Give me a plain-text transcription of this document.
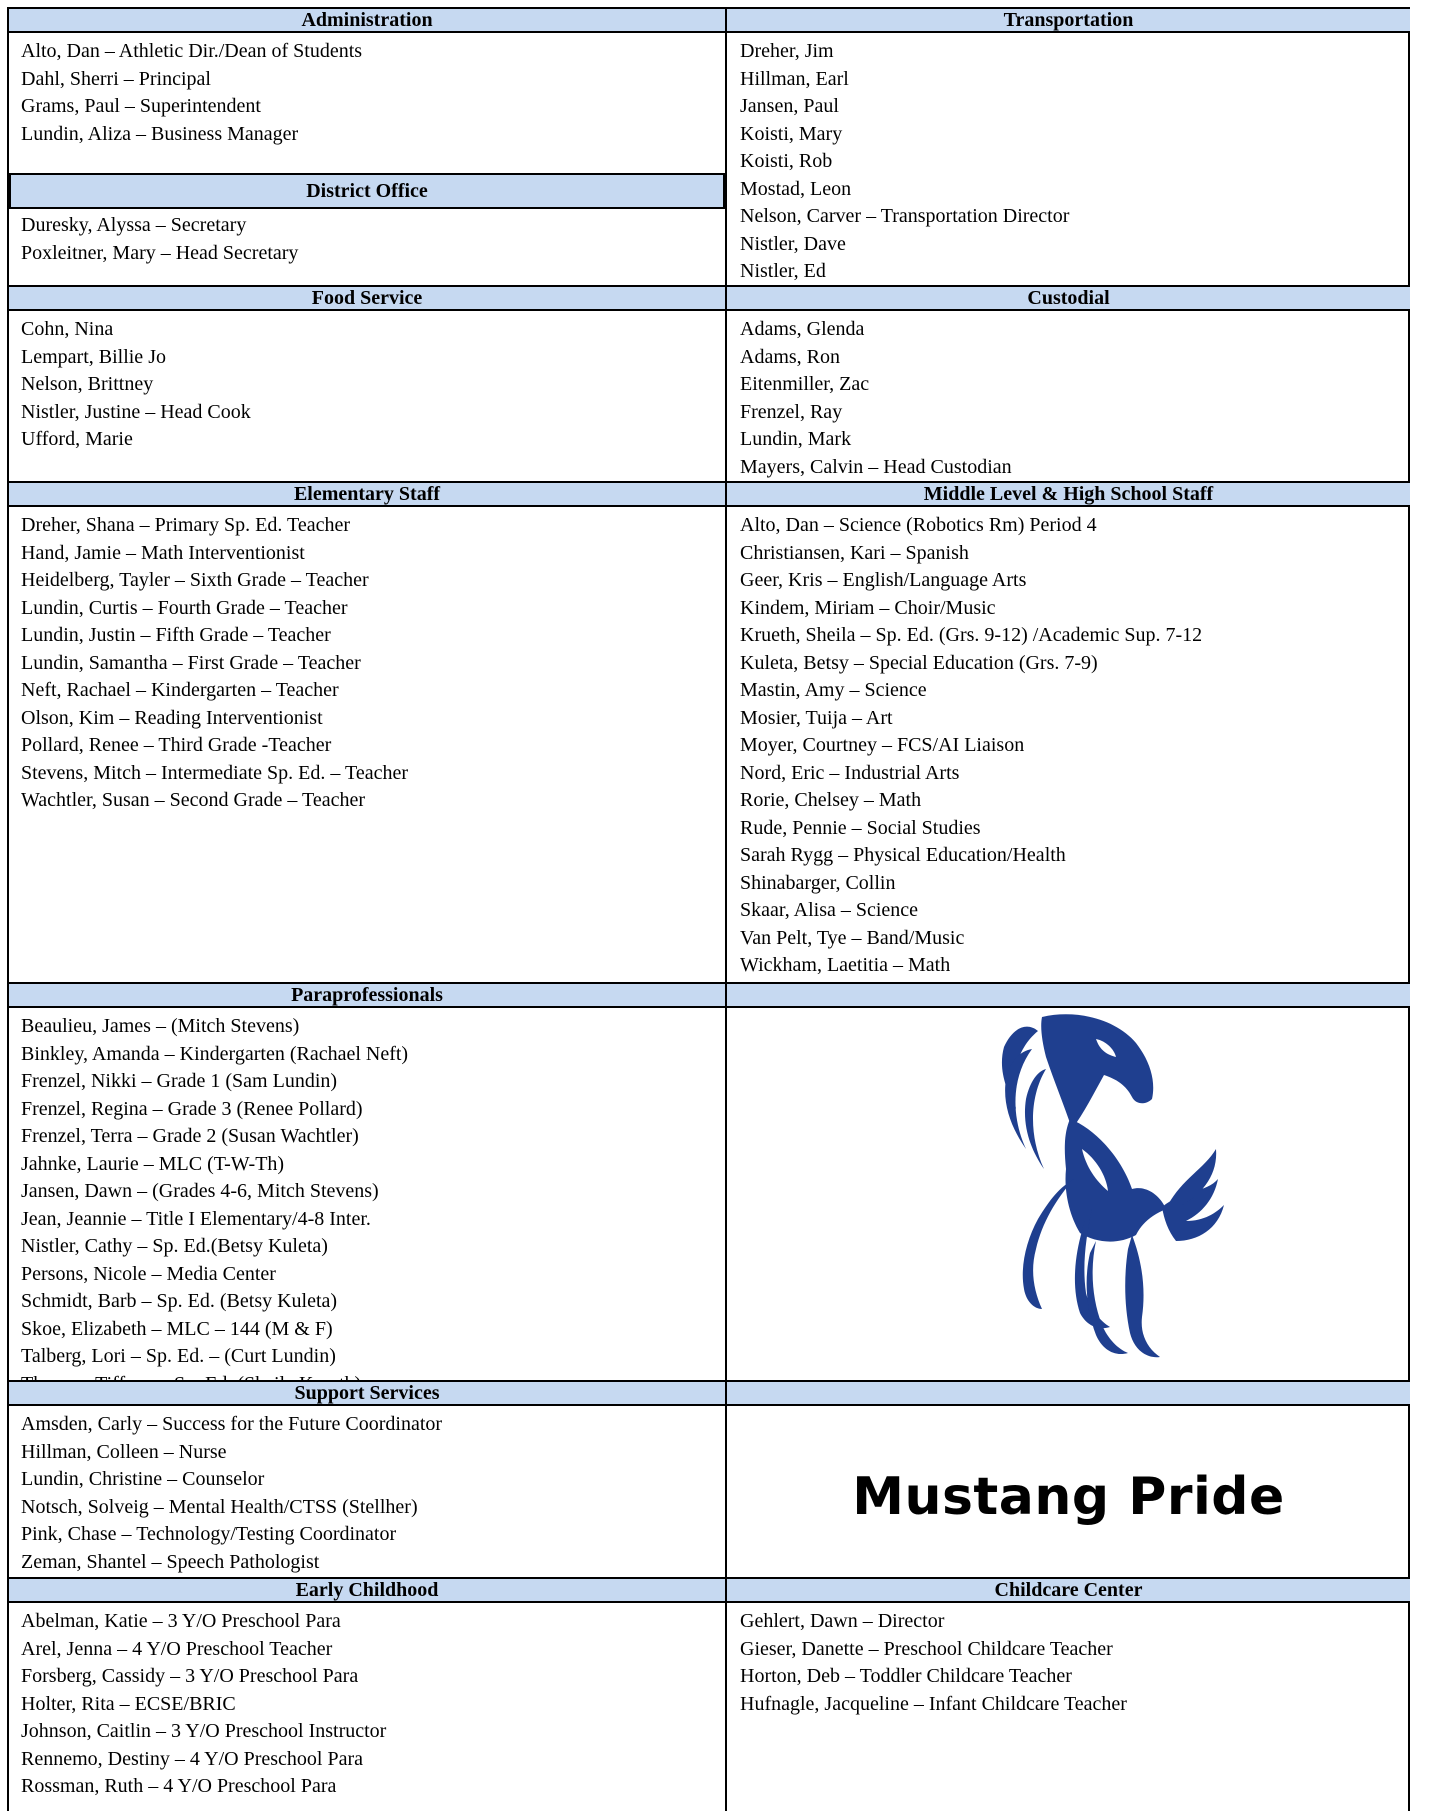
Administration	Transportation
Alto, Dan – Athletic Dir./Dean of Students
Dahl, Sherri – Principal
Grams, Paul – Superintendent
Lundin, Aliza – Business Manager
District Office
Duresky, Alyssa – Secretary
Poxleitner, Mary – Head Secretary
Dreher, Jim
Hillman, Earl
Jansen, Paul
Koisti, Mary
Koisti, Rob
Mostad, Leon
Nelson, Carver – Transportation Director
Nistler, Dave
Nistler, Ed
Food Service	Custodial
Cohn, Nina
Lempart, Billie Jo
Nelson, Brittney
Nistler, Justine – Head Cook
Ufford, Marie
Adams, Glenda
Adams, Ron
Eitenmiller, Zac
Frenzel, Ray
Lundin, Mark
Mayers, Calvin – Head Custodian
Elementary Staff	Middle Level & High School Staff
Dreher, Shana – Primary Sp. Ed. Teacher
Hand, Jamie – Math Interventionist
Heidelberg, Tayler – Sixth Grade – Teacher
Lundin, Curtis – Fourth Grade – Teacher
Lundin, Justin – Fifth Grade – Teacher
Lundin, Samantha – First Grade – Teacher
Neft, Rachael – Kindergarten – Teacher
Olson, Kim – Reading Interventionist
Pollard, Renee – Third Grade -Teacher
Stevens, Mitch – Intermediate Sp. Ed. – Teacher
Wachtler, Susan – Second Grade – Teacher
Alto, Dan – Science (Robotics Rm) Period 4
Christiansen, Kari – Spanish
Geer, Kris – English/Language Arts
Kindem, Miriam – Choir/Music
Krueth, Sheila – Sp. Ed. (Grs. 9-12) /Academic Sup. 7-12
Kuleta, Betsy – Special Education (Grs. 7-9)
Mastin, Amy – Science
Mosier, Tuija – Art
Moyer, Courtney – FCS/AI Liaison
Nord, Eric – Industrial Arts
Rorie, Chelsey – Math
Rude, Pennie – Social Studies
Sarah Rygg – Physical Education/Health
Shinabarger, Collin
Skaar, Alisa – Science
Van Pelt, Tye – Band/Music
Wickham, Laetitia – Math
Paraprofessionals
Beaulieu, James – (Mitch Stevens)
Binkley, Amanda – Kindergarten (Rachael Neft)
Frenzel, Nikki – Grade 1 (Sam Lundin)
Frenzel, Regina – Grade 3 (Renee Pollard)
Frenzel, Terra – Grade 2 (Susan Wachtler)
Jahnke, Laurie – MLC (T-W-Th)
Jansen, Dawn – (Grades 4-6, Mitch Stevens)
Jean, Jeannie – Title I Elementary/4-8 Inter.
Nistler, Cathy – Sp. Ed.(Betsy Kuleta)
Persons, Nicole – Media Center
Schmidt, Barb – Sp. Ed. (Betsy Kuleta)
Skoe, Elizabeth – MLC – 144 (M & F)
Talberg, Lori – Sp. Ed. – (Curt Lundin)
Support Services
Amsden, Carly – Success for the Future Coordinator
Hillman, Colleen – Nurse
Lundin, Christine – Counselor
Notsch, Solveig – Mental Health/CTSS (Stellher)
Pink, Chase – Technology/Testing Coordinator
Zeman, Shantel – Speech Pathologist
Mustang Pride
Early Childhood	Childcare Center
Abelman, Katie – 3 Y/O Preschool Para
Arel, Jenna – 4 Y/O Preschool Teacher
Forsberg, Cassidy – 3 Y/O Preschool Para
Holter, Rita – ECSE/BRIC
Johnson, Caitlin – 3 Y/O Preschool Instructor
Rennemo, Destiny – 4 Y/O Preschool Para
Rossman, Ruth – 4 Y/O Preschool Para
Gehlert, Dawn – Director
Gieser, Danette – Preschool Childcare Teacher
Horton, Deb – Toddler Childcare Teacher
Hufnagle, Jacqueline – Infant Childcare Teacher
